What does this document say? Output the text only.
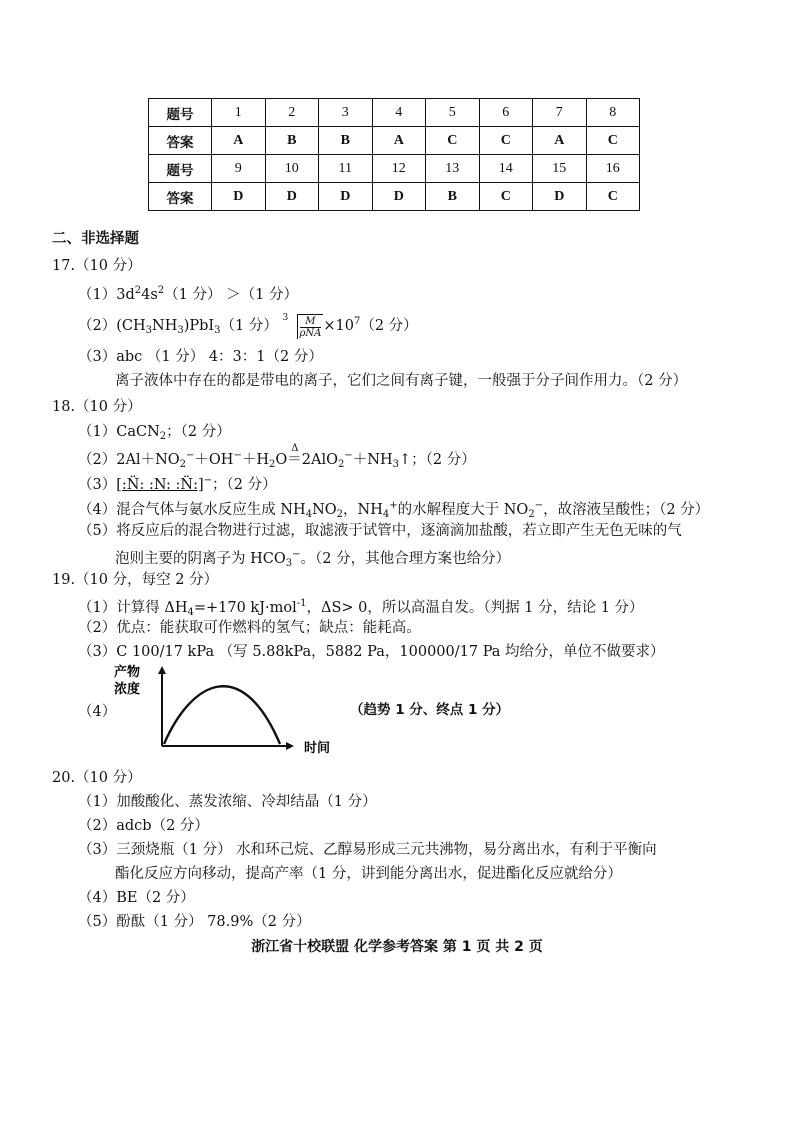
题号	1	2	3	4	5	6	7	8
答案	A	B	B	A	C	C	A	C
题号	9	10	11	12	13	14	15	16
答案	D	D	D	D	B	C	D	C
二、非选择题
17.（10 分）
$(1)3d^24s^2(1$ 分） ＞（1 分）
$(2)(CH_3NH_3)PbI_3(1$ 分）
$3 \frac{M}{\text{ρNA}} \times 10^7(2$ 分）
（3）abc （1 分） 4：3：1（2 分）
离子液体中存在的都是带电的离子，它们之间有离子键，一般强于分子间作用力。（2 分）
18.（10 分）
（1）CaCN$_2$；（2 分）
$(2)2Al+NO_2^-+OH^-+H_2O$
Δ
$=2AlO_2^-+NH_3↑$；（2 分）
（3）[:N̈: :N: :N̈:]−；（2 分）
（4）混合气体与氨水反应生成 $NH_4NO_2$，$NH_4^+$的水解程度大于 $NO_2^-$，故溶液呈酸性；（2 分）
（5）将反应后的混合物进行过滤，取滤液于试管中，逐滴滴加盐酸，若立即产生无色无味的气
泡则主要的阴离子为 $HCO_3^-$。（2 分，其他合理方案也给分）
19.（10 分，每空 2 分）
（1）计算得 $\Delta H_4=+170$ kJ·mol$^{-1}$，ΔS> 0，所以高温自发。（判据 1 分，结论 1 分）
（2）优点：能获取可作燃料的氢气；缺点：能耗高。
（3）C 100/17 kPa （写 5.88kPa，5882 Pa，100000/17 Pa 均给分，单位不做要求）
（4）
产物
浓度
时间
（趋势 1 分、终点 1 分）
20.（10 分）
（1）加酸酸化、蒸发浓缩、冷却结晶（1 分）
（2）adcb（2 分）
（3）三颈烧瓶（1 分） 水和环己烷、乙醇易形成三元共沸物，易分离出水，有利于平衡向
酯化反应方向移动，提高产率（1 分，讲到能分离出水，促进酯化反应就给分）
（4）BE（2 分）
（5）酚酞（1 分） 78.9%（2 分）
浙江省十校联盟 化学参考答案 第 1 页 共 2 页
